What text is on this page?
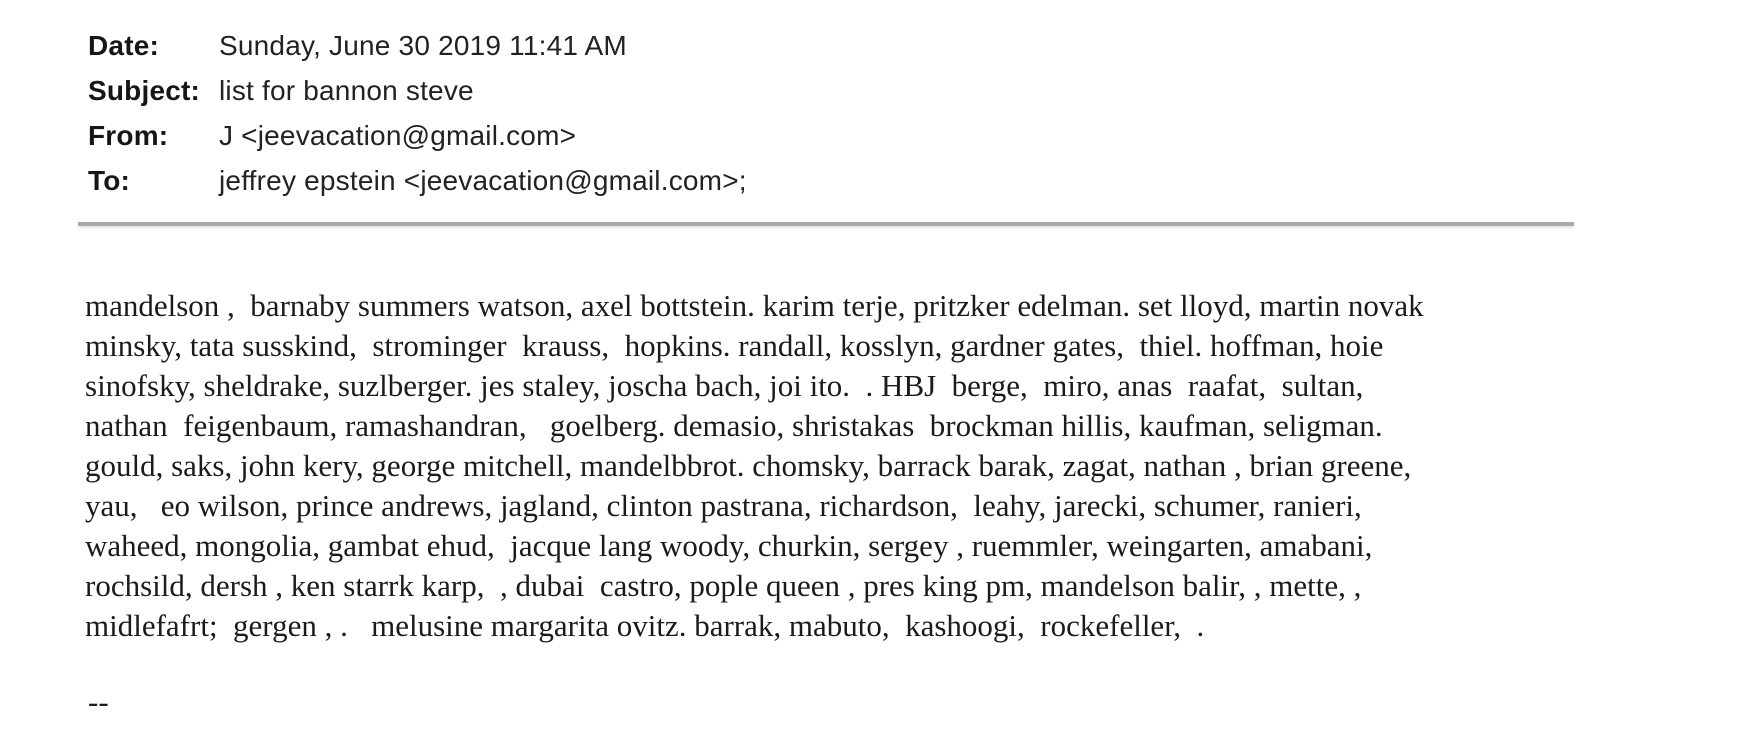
Date:	Sunday, June 30 2019 11:41 AM
Subject: list for bannon steve
From:	J <jeevacation@gmail.com>
To:	jeffrey epstein <jeevacation@gmail.com>;
mandelson ,  barnaby summers watson, axel bottstein. karim terje, pritzker edelman. set lloyd, martin novak
minsky, tata susskind,  strominger  krauss,  hopkins. randall, kosslyn, gardner gates,  thiel. hoffman, hoie
sinofsky, sheldrake, suzlberger. jes staley, joscha bach, joi ito.  . HBJ  berge,  miro, anas  raafat,  sultan,
nathan  feigenbaum, ramashandran,   goelberg. demasio, shristakas  brockman hillis, kaufman, seligman.
gould, saks, john kery, george mitchell, mandelbbrot. chomsky, barrack barak, zagat, nathan , brian greene,
yau,   eo wilson, prince andrews, jagland, clinton pastrana, richardson,  leahy, jarecki, schumer, ranieri,
waheed, mongolia, gambat ehud,  jacque lang woody, churkin, sergey , ruemmler, weingarten, amabani,
rochsild, dersh , ken starrk karp,  , dubai  castro, pople queen , pres king pm, mandelson balir, , mette, ,
midlefafrt;  gergen , .   melusine margarita ovitz. barrak, mabuto,  kashoogi,  rockefeller,  .
--
